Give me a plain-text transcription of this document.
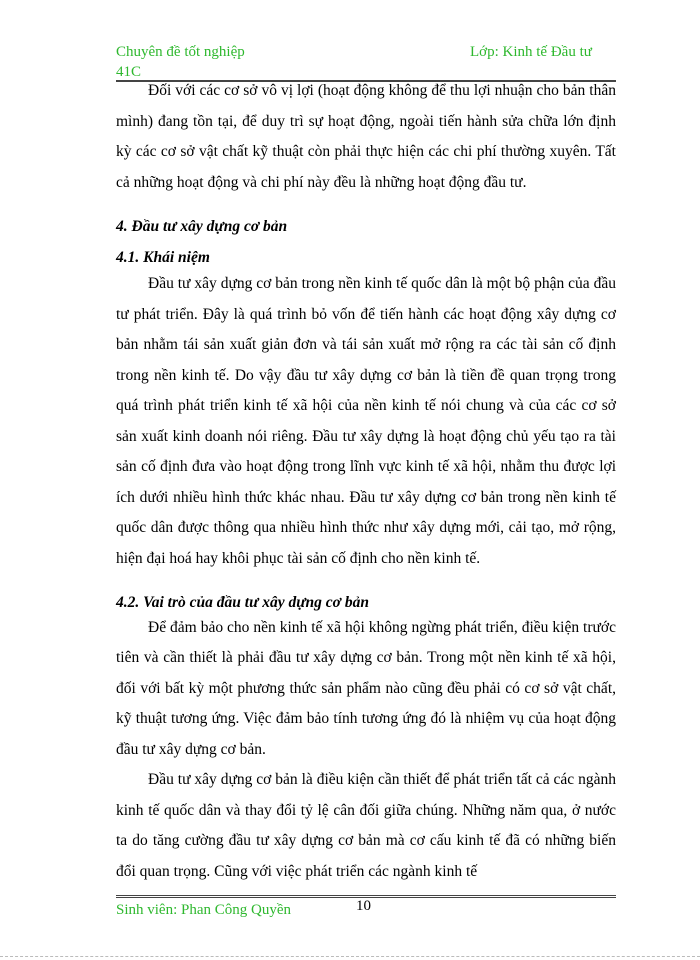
Chuyên đề tốt nghiệp
41C
Lớp: Kinh tế Đầu tư

Đối với các cơ sở vô vị lợi (hoạt động không để thu lợi nhuận cho bản thân mình) đang tồn tại, để duy trì sự hoạt động, ngoài tiến hành sửa chữa lớn định kỳ các cơ sở vật chất kỹ thuật còn phải thực hiện các chi phí thường xuyên. Tất cả những hoạt động và chi phí này đều là những hoạt động đầu tư.

4. Đầu tư xây dựng cơ bản

4.1. Khái niệm

Đầu tư xây dựng cơ bản trong nền kinh tế quốc dân là một bộ phận của đầu tư phát triển. Đây là quá trình bỏ vốn để tiến hành các hoạt động xây dựng cơ bản nhằm tái sản xuất giản đơn và tái sản xuất mở rộng ra các tài sản cố định trong nền kinh tế. Do vậy đầu tư xây dựng cơ bản là tiền đề quan trọng trong quá trình phát triển kinh tế xã hội của nền kinh tế nói chung và của các cơ sở sản xuất kinh doanh nói riêng. Đầu tư xây dựng là hoạt động chủ yếu tạo ra tài sản cố định đưa vào hoạt động trong lĩnh vực kinh tế xã hội, nhằm thu được lợi ích dưới nhiều hình thức khác nhau. Đầu tư xây dựng cơ bản trong nền kinh tế quốc dân được thông qua nhiều hình thức như xây dựng mới, cải tạo, mở rộng, hiện đại hoá hay khôi phục tài sản cố định cho nền kinh tế.

4.2. Vai trò của đầu tư xây dựng cơ bản

Để đảm bảo cho nền kinh tế xã hội không ngừng phát triển, điều kiện trước tiên và cần thiết là phải đầu tư xây dựng cơ bản. Trong một nền kinh tế xã hội, đối với bất kỳ một phương thức sản phẩm nào cũng đều phải có cơ sở vật chất, kỹ thuật tương ứng. Việc đảm bảo tính tương ứng đó là nhiệm vụ của hoạt động đầu tư xây dựng cơ bản.

Đầu tư xây dựng cơ bản là điều kiện cần thiết để phát triển tất cả các ngành kinh tế quốc dân và thay đổi tỷ lệ cân đối giữa chúng. Những năm qua, ở nước ta do tăng cường đầu tư xây dựng cơ bản mà cơ cấu kinh tế đã có những biến đổi quan trọng. Cũng với việc phát triển các ngành kinh tế

Sinh viên: Phan Công Quyền	10
